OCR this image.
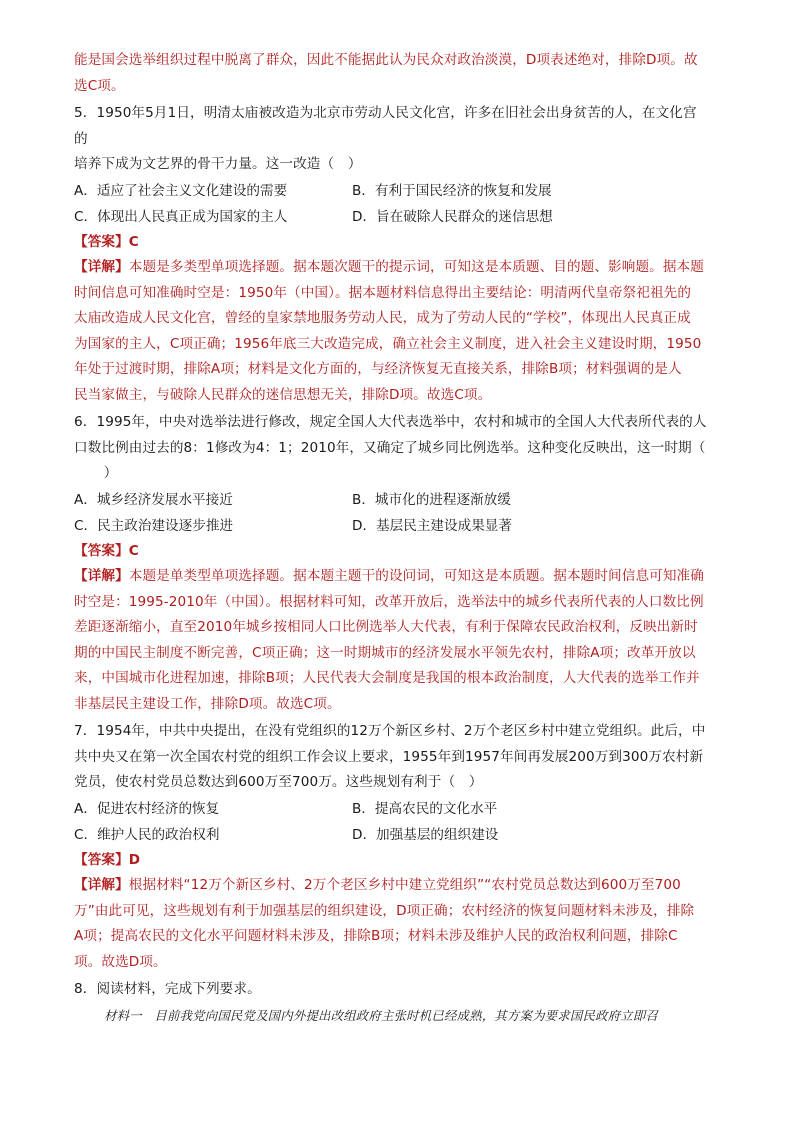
能是国会选举组织过程中脱离了群众，因此不能据此认为民众对政治淡漠，D项表述绝对，排除D项。故
选C项。
5．1950年5月1日，明清太庙被改造为北京市劳动人民文化宫，许多在旧社会出身贫苦的人，在文化宫
的
培养下成为文艺界的骨干力量。这一改造（　）
A．适应了社会主义文化建设的需要	B．有利于国民经济的恢复和发展
C．体现出人民真正成为国家的主人	D．旨在破除人民群众的迷信思想
【答案】C
【详解】本题是多类型单项选择题。据本题次题干的提示词，可知这是本质题、目的题、影响题。据本题
时间信息可知准确时空是：1950年（中国）。据本题材料信息得出主要结论：明清两代皇帝祭祀祖先的
太庙改造成人民文化宫，曾经的皇家禁地服务劳动人民，成为了劳动人民的“学校”，体现出人民真正成
为国家的主人，C项正确；1956年底三大改造完成，确立社会主义制度，进入社会主义建设时期，1950
年处于过渡时期，排除A项；材料是文化方面的，与经济恢复无直接关系，排除B项；材料强调的是人
民当家做主，与破除人民群众的迷信思想无关，排除D项。故选C项。
6．1995年，中央对选举法进行修改，规定全国人大代表选举中，农村和城市的全国人大代表所代表的人
口数比例由过去的8：1修改为4：1；2010年，又确定了城乡同比例选举。这种变化反映出，这一时期（
　）
A．城乡经济发展水平接近	B．城市化的进程逐渐放缓
C．民主政治建设逐步推进	D．基层民主建设成果显著
【答案】C
【详解】本题是单类型单项选择题。据本题主题干的设问词，可知这是本质题。据本题时间信息可知准确
时空是：1995-2010年（中国）。根据材料可知，改革开放后，选举法中的城乡代表所代表的人口数比例
差距逐渐缩小，直至2010年城乡按相同人口比例选举人大代表，有利于保障农民政治权利，反映出新时
期的中国民主制度不断完善，C项正确；这一时期城市的经济发展水平领先农村，排除A项；改革开放以
来，中国城市化进程加速，排除B项；人民代表大会制度是我国的根本政治制度，人大代表的选举工作并
非基层民主建设工作，排除D项。故选C项。
7．1954年，中共中央提出，在没有党组织的12万个新区乡村、2万个老区乡村中建立党组织。此后，中
共中央又在第一次全国农村党的组织工作会议上要求，1955年到1957年间再发展200万到300万农村新
党员，使农村党员总数达到600万至700万。这些规划有利于（　）
A．促进农村经济的恢复	B．提高农民的文化水平
C．维护人民的政治权利	D．加强基层的组织建设
【答案】D
【详解】根据材料“12万个新区乡村、2万个老区乡村中建立党组织”“农村党员总数达到600万至700
万”由此可见，这些规划有利于加强基层的组织建设，D项正确；农村经济的恢复问题材料未涉及，排除
A项；提高农民的文化水平问题材料未涉及，排除B项；材料未涉及维护人民的政治权利问题，排除C
项。故选D项。
8．阅读材料，完成下列要求。
材料一　目前我党向国民党及国内外提出改组政府主张时机已经成熟，其方案为要求国民政府立即召
